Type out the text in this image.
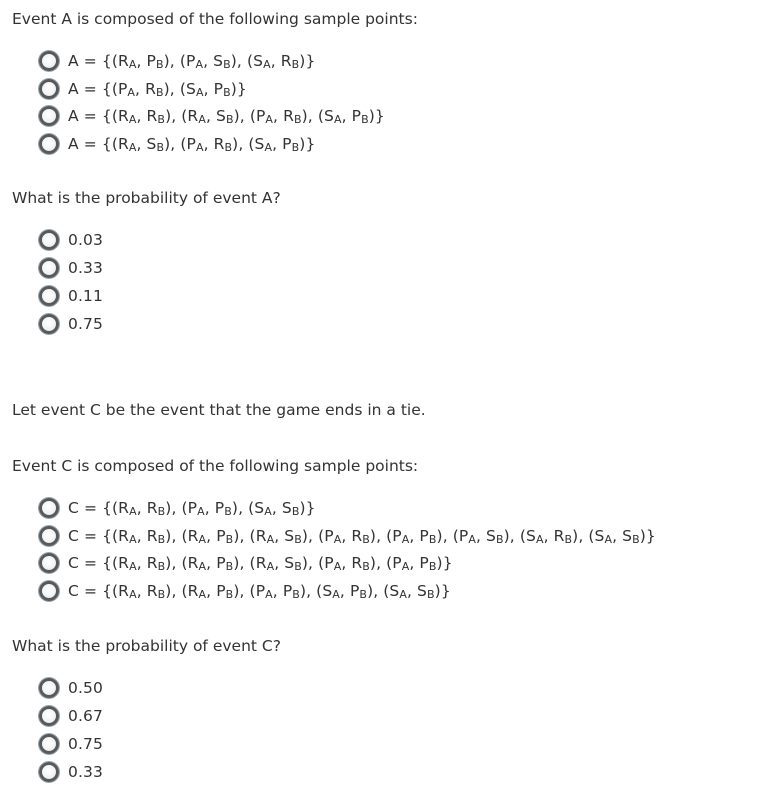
Event A is composed of the following sample points:

$A = \{(R_A$, $P_B$), ($P_A$, $S_B$), ($S_A$, $R_B$)}
$A = \{(P_A$, $R_B$), ($S_A$, $P_B$)}
$A = \{(R_A$, $R_B$), ($R_A$, $S_B$), ($P_A$, $R_B$), ($S_A$, $P_B$)}
$A = \{(R_A$, $S_B$), ($P_A$, $R_B$), ($S_A$, $P_B$)}

What is the probability of event A?

0.03
0.33
0.11
0.75

Let event C be the event that the game ends in a tie.

Event C is composed of the following sample points:

$C = \{(R_A$, $R_B$), ($P_A$, $P_B$), ($S_A$, $S_B$)}
$C = \{(R_A$, $R_B$), ($R_A$, $P_B$), ($R_A$, $S_B$), ($P_A$, $R_B$), ($P_A$, $P_B$), ($P_A$, $S_B$), ($S_A$, $R_B$), ($S_A$, $S_B$)}
$C = \{(R_A$, $R_B$), ($R_A$, $P_B$), ($R_A$, $S_B$), ($P_A$, $R_B$), ($P_A$, $P_B$)}
$C = \{(R_A$, $R_B$), ($R_A$, $P_B$), ($P_A$, $P_B$), ($S_A$, $P_B$), ($S_A$, $S_B$)}

What is the probability of event C?

0.50
0.67
0.75
0.33
